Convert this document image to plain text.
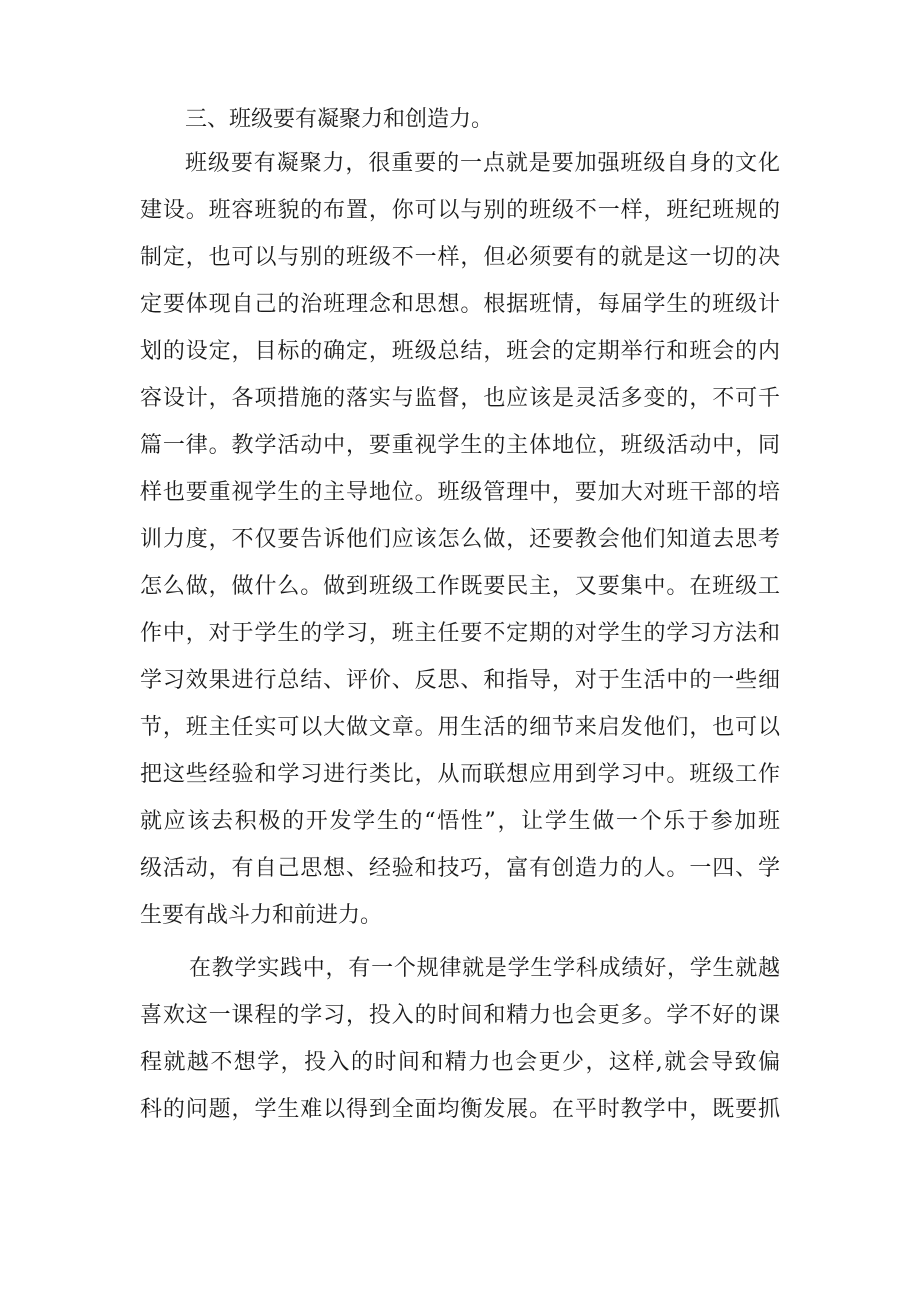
三、班级要有凝聚力和创造力。
班级要有凝聚力，很重要的一点就是要加强班级自身的文化
建设。班容班貌的布置，你可以与别的班级不一样，班纪班规的
制定，也可以与别的班级不一样，但必须要有的就是这一切的决
定要体现自己的治班理念和思想。根据班情，每届学生的班级计
划的设定，目标的确定，班级总结，班会的定期举行和班会的内
容设计，各项措施的落实与监督，也应该是灵活多变的，不可千
篇一律。教学活动中，要重视学生的主体地位，班级活动中，同
样也要重视学生的主导地位。班级管理中，要加大对班干部的培
训力度，不仅要告诉他们应该怎么做，还要教会他们知道去思考
怎么做，做什么。做到班级工作既要民主，又要集中。在班级工
作中，对于学生的学习，班主任要不定期的对学生的学习方法和
学习效果进行总结、评价、反思、和指导，对于生活中的一些细
节，班主任实可以大做文章。用生活的细节来启发他们，也可以
把这些经验和学习进行类比，从而联想应用到学习中。班级工作
就应该去积极的开发学生的“悟性”，让学生做一个乐于参加班
级活动，有自己思想、经验和技巧，富有创造力的人。一四、学
生要有战斗力和前进力。
在教学实践中，有一个规律就是学生学科成绩好，学生就越
喜欢这一课程的学习，投入的时间和精力也会更多。学不好的课
程就越不想学，投入的时间和精力也会更少，这样,就会导致偏
科的问题，学生难以得到全面均衡发展。在平时教学中，既要抓
